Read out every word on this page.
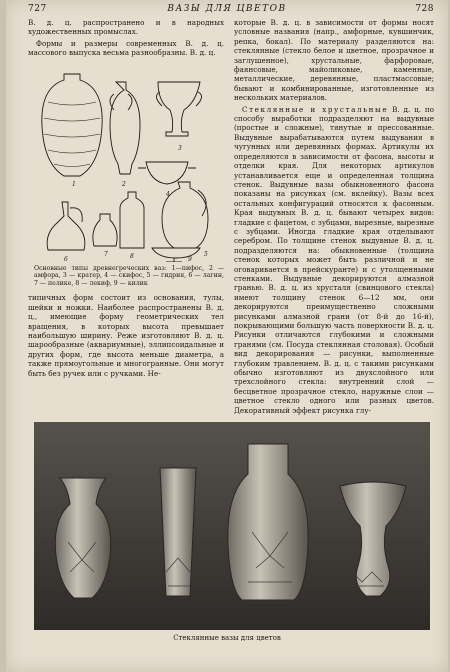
727	ВАЗЫ ДЛЯ ЦВЕТОВ	728

В. д. ц. распространено и в народных художественных промыслах.

Формы и размеры современных В. д. ц. массового выпуска весьма разнообразны. В. д. ц.

1	2
3
4
5
6
7	8	9
Основные типы древнегреческих ваз: 1—пифос, 2 — амфора, 3 — кратер, 4 — скифос, 5 — гидрия, 6 — лагин, 7 — пелике, 8 — лекиф, 9 — килик

типичных форм состоит из основания, тулы, шейки и ножки. Наиболее распространены В. д. ц., имеющие форму геометрических тел вращения, в которых высота превышает наибольшую ширину. Реже изготовляют В. д. ц. шарообразные (аквариумные), эллипсоидальные и других форм, где высота меньше диаметра, а также прямоугольные и многогранные. Они могут быть без ручек или с ручками. Не-

которые В. д. ц. в зависимости от формы носят условные названия (напр., амфорные, кувшинчик, репка, бокал). По материалу разделяются на: стеклянные (стекло белое и цветное, прозрачное и заглушенное), хрустальные, фарфоровые, фаянсовые, майоликовые, каменные, металлические, деревянные, пластмассовые; бывают и комбинированные, изготовленные из нескольких материалов.

Стеклянные и хрустальные В. д. ц. по способу выработки подразделяют на выдувные (простые и сложные), тянутые и прессованные. Выдувные вырабатываются путем выдувания в чугунных или деревянных формах. Артикулы их определяются в зависимости от фасона, высоты и отделки края. Для некоторых артикулов устанавливается еще и определенная толщина стенок. Выдувные вазы обыкновенного фасона показаны на рисунках (см. вклейку). Вазы всех остальных конфигураций относятся к фасонным. Края выдувных В. д. ц. бывают четырех видов: гладкие с фацетом, с зубцами, вырезные, вырезные с зубцами. Иногда гладкие края отделывают серебром. По толщине стенок выдувные В. д. ц. подразделяются на: обыкновенные (толщина стенок которых может быть различной и не оговаривается в прейскуранте) и с утолщенными стенками. Выдувные декорируются алмазной гранью. В. д. ц. из хрусталя (свинцового стекла) имеют толщину стенок 6—12 мм, они декорируются преимущественно сложными рисунками алмазной грани (от 8-й до 16-й), покрывающими большую часть поверхности В. д. ц. Рисунки отличаются глубокими и сложными гранями (см. Посуда стеклянная столовая). Особый вид декорирования — рисунки, выполненные глубоким травлением. В. д. ц. с такими рисунками обычно изготовляют из двухслойного или трехслойного стекла: внутренний слой — бесцветное прозрачное стекло, наружные слои — цветное стекло одного или разных цветов. Декоративный эффект рисунка глу-

Стеклянные вазы для цветов
